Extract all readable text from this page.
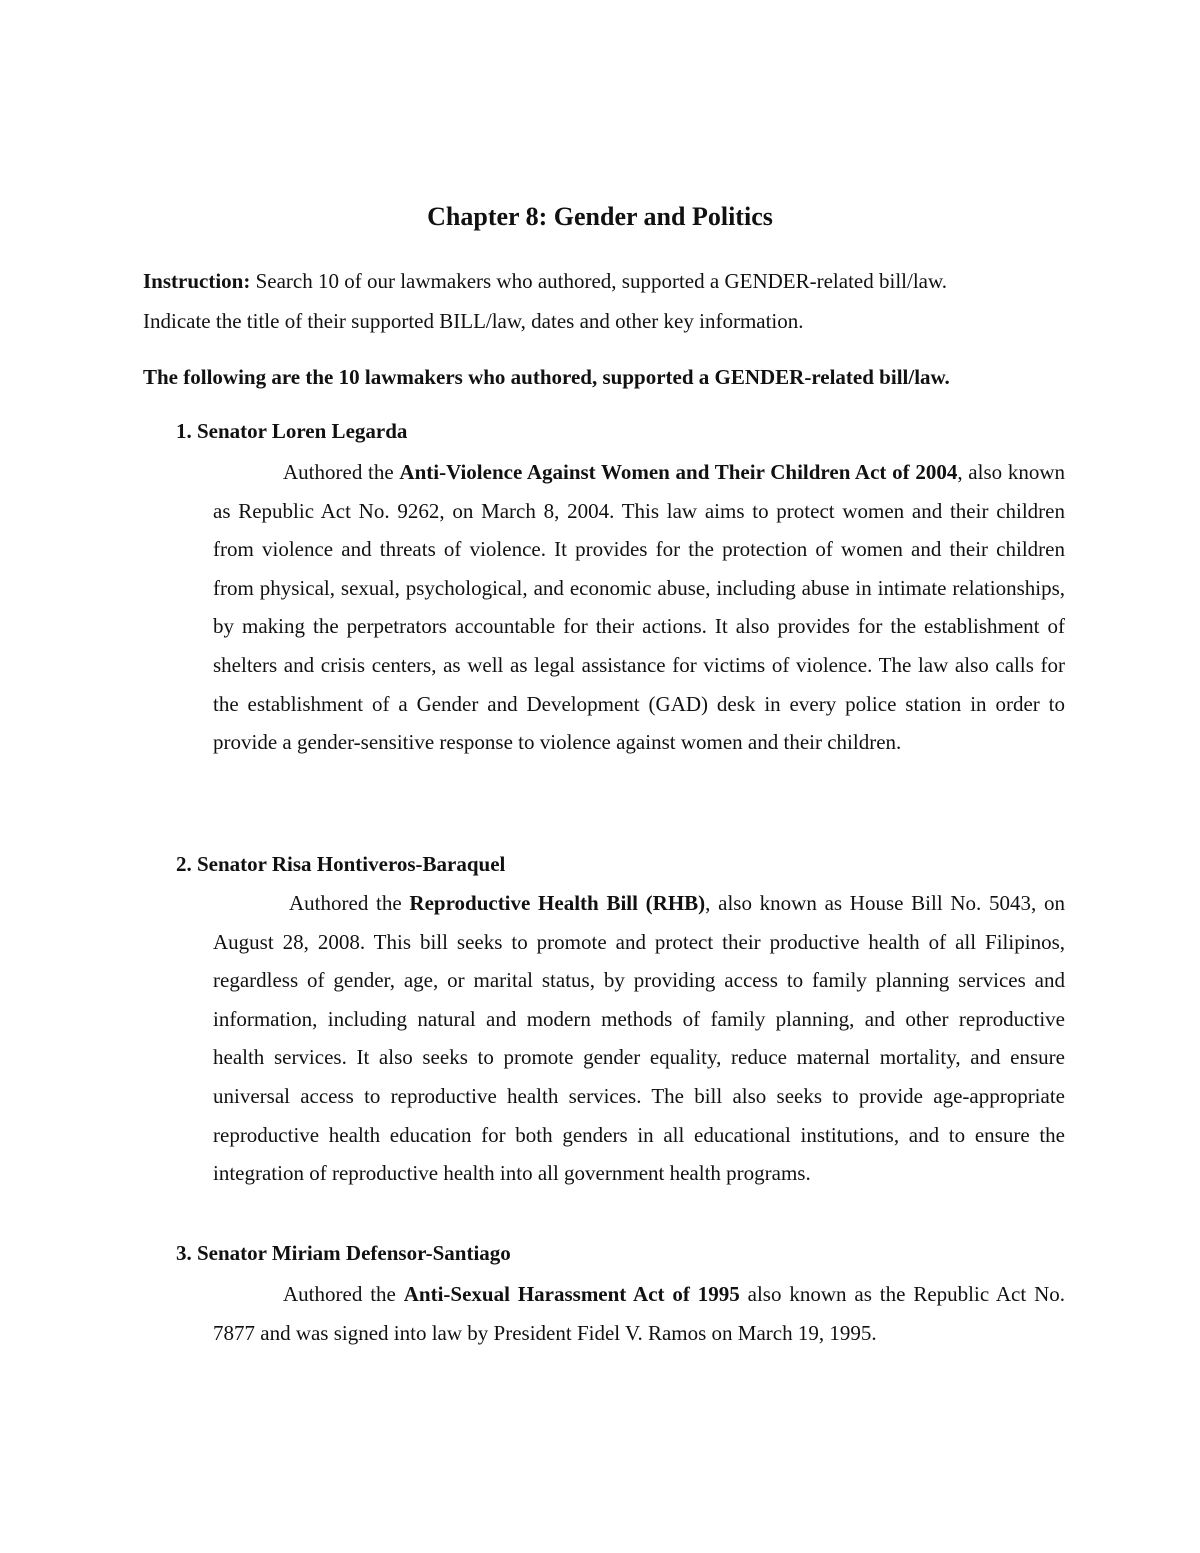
Chapter 8: Gender and Politics

Instruction: Search 10 of our lawmakers who authored, supported a GENDER-related bill/law.

Indicate the title of their supported BILL/law, dates and other key information.

The following are the 10 lawmakers who authored, supported a GENDER-related bill/law.

1. Senator Loren Legarda

Authored the Anti-Violence Against Women and Their Children Act of 2004, also known as Republic Act No. 9262, on March 8, 2004. This law aims to protect women and their children from violence and threats of violence. It provides for the protection of women and their children from physical, sexual, psychological, and economic abuse, including abuse in intimate relationships, by making the perpetrators accountable for their actions. It also provides for the establishment of shelters and crisis centers, as well as legal assistance for victims of violence. The law also calls for the establishment of a Gender and Development (GAD) desk in every police station in order to provide a gender-sensitive response to violence against women and their children.

2. Senator Risa Hontiveros-Baraquel

Authored the Reproductive Health Bill (RHB), also known as House Bill No. 5043, on August 28, 2008. This bill seeks to promote and protect their productive health of all Filipinos, regardless of gender, age, or marital status, by providing access to family planning services and information, including natural and modern methods of family planning, and other reproductive health services. It also seeks to promote gender equality, reduce maternal mortality, and ensure universal access to reproductive health services. The bill also seeks to provide age-appropriate reproductive health education for both genders in all educational institutions, and to ensure the integration of reproductive health into all government health programs.

3. Senator Miriam Defensor-Santiago

Authored the Anti-Sexual Harassment Act of 1995 also known as the Republic Act No. 7877 and was signed into law by President Fidel V. Ramos on March 19, 1995.
